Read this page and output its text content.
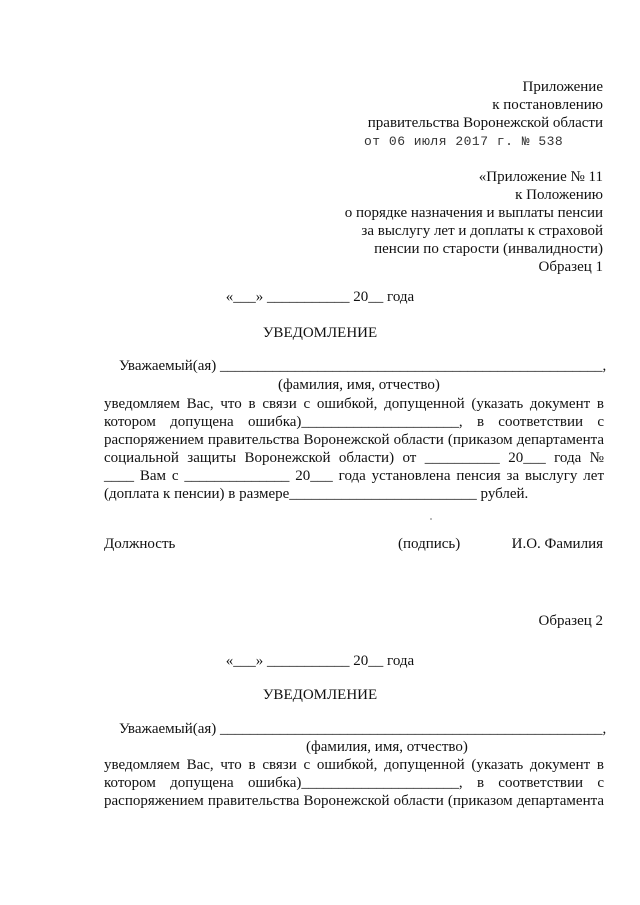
Приложение
к постановлению
правительства Воронежской области
от 06 июля 2017 г. № 538
«Приложение № 11
к Положению
о порядке назначения и выплаты пенсии
за выслугу лет и доплаты к страховой
пенсии по старости (инвалидности)
Образец 1
«___» ___________ 20__ года
УВЕДОМЛЕНИЕ
Уважаемый(ая) ___________________________________________________,
(фамилия, имя, отчество)
уведомляем Вас, что в связи с ошибкой, допущенной (указать документ в
котором допущена ошибка)_____________________, в соответствии с
распоряжением правительства Воронежской области (приказом департамента
социальной защиты Воронежской области) от __________ 20___ года №
____ Вам с ______________ 20___ года установлена пенсия за выслугу лет
(доплата к пенсии) в размере_________________________ рублей.
Должность	(подпись)	И.О. Фамилия
Образец 2
«___» ___________ 20__ года
УВЕДОМЛЕНИЕ
Уважаемый(ая) ___________________________________________________,
(фамилия, имя, отчество)
уведомляем Вас, что в связи с ошибкой, допущенной (указать документ в
котором допущена ошибка)_____________________, в соответствии с
распоряжением правительства Воронежской области (приказом департамента
